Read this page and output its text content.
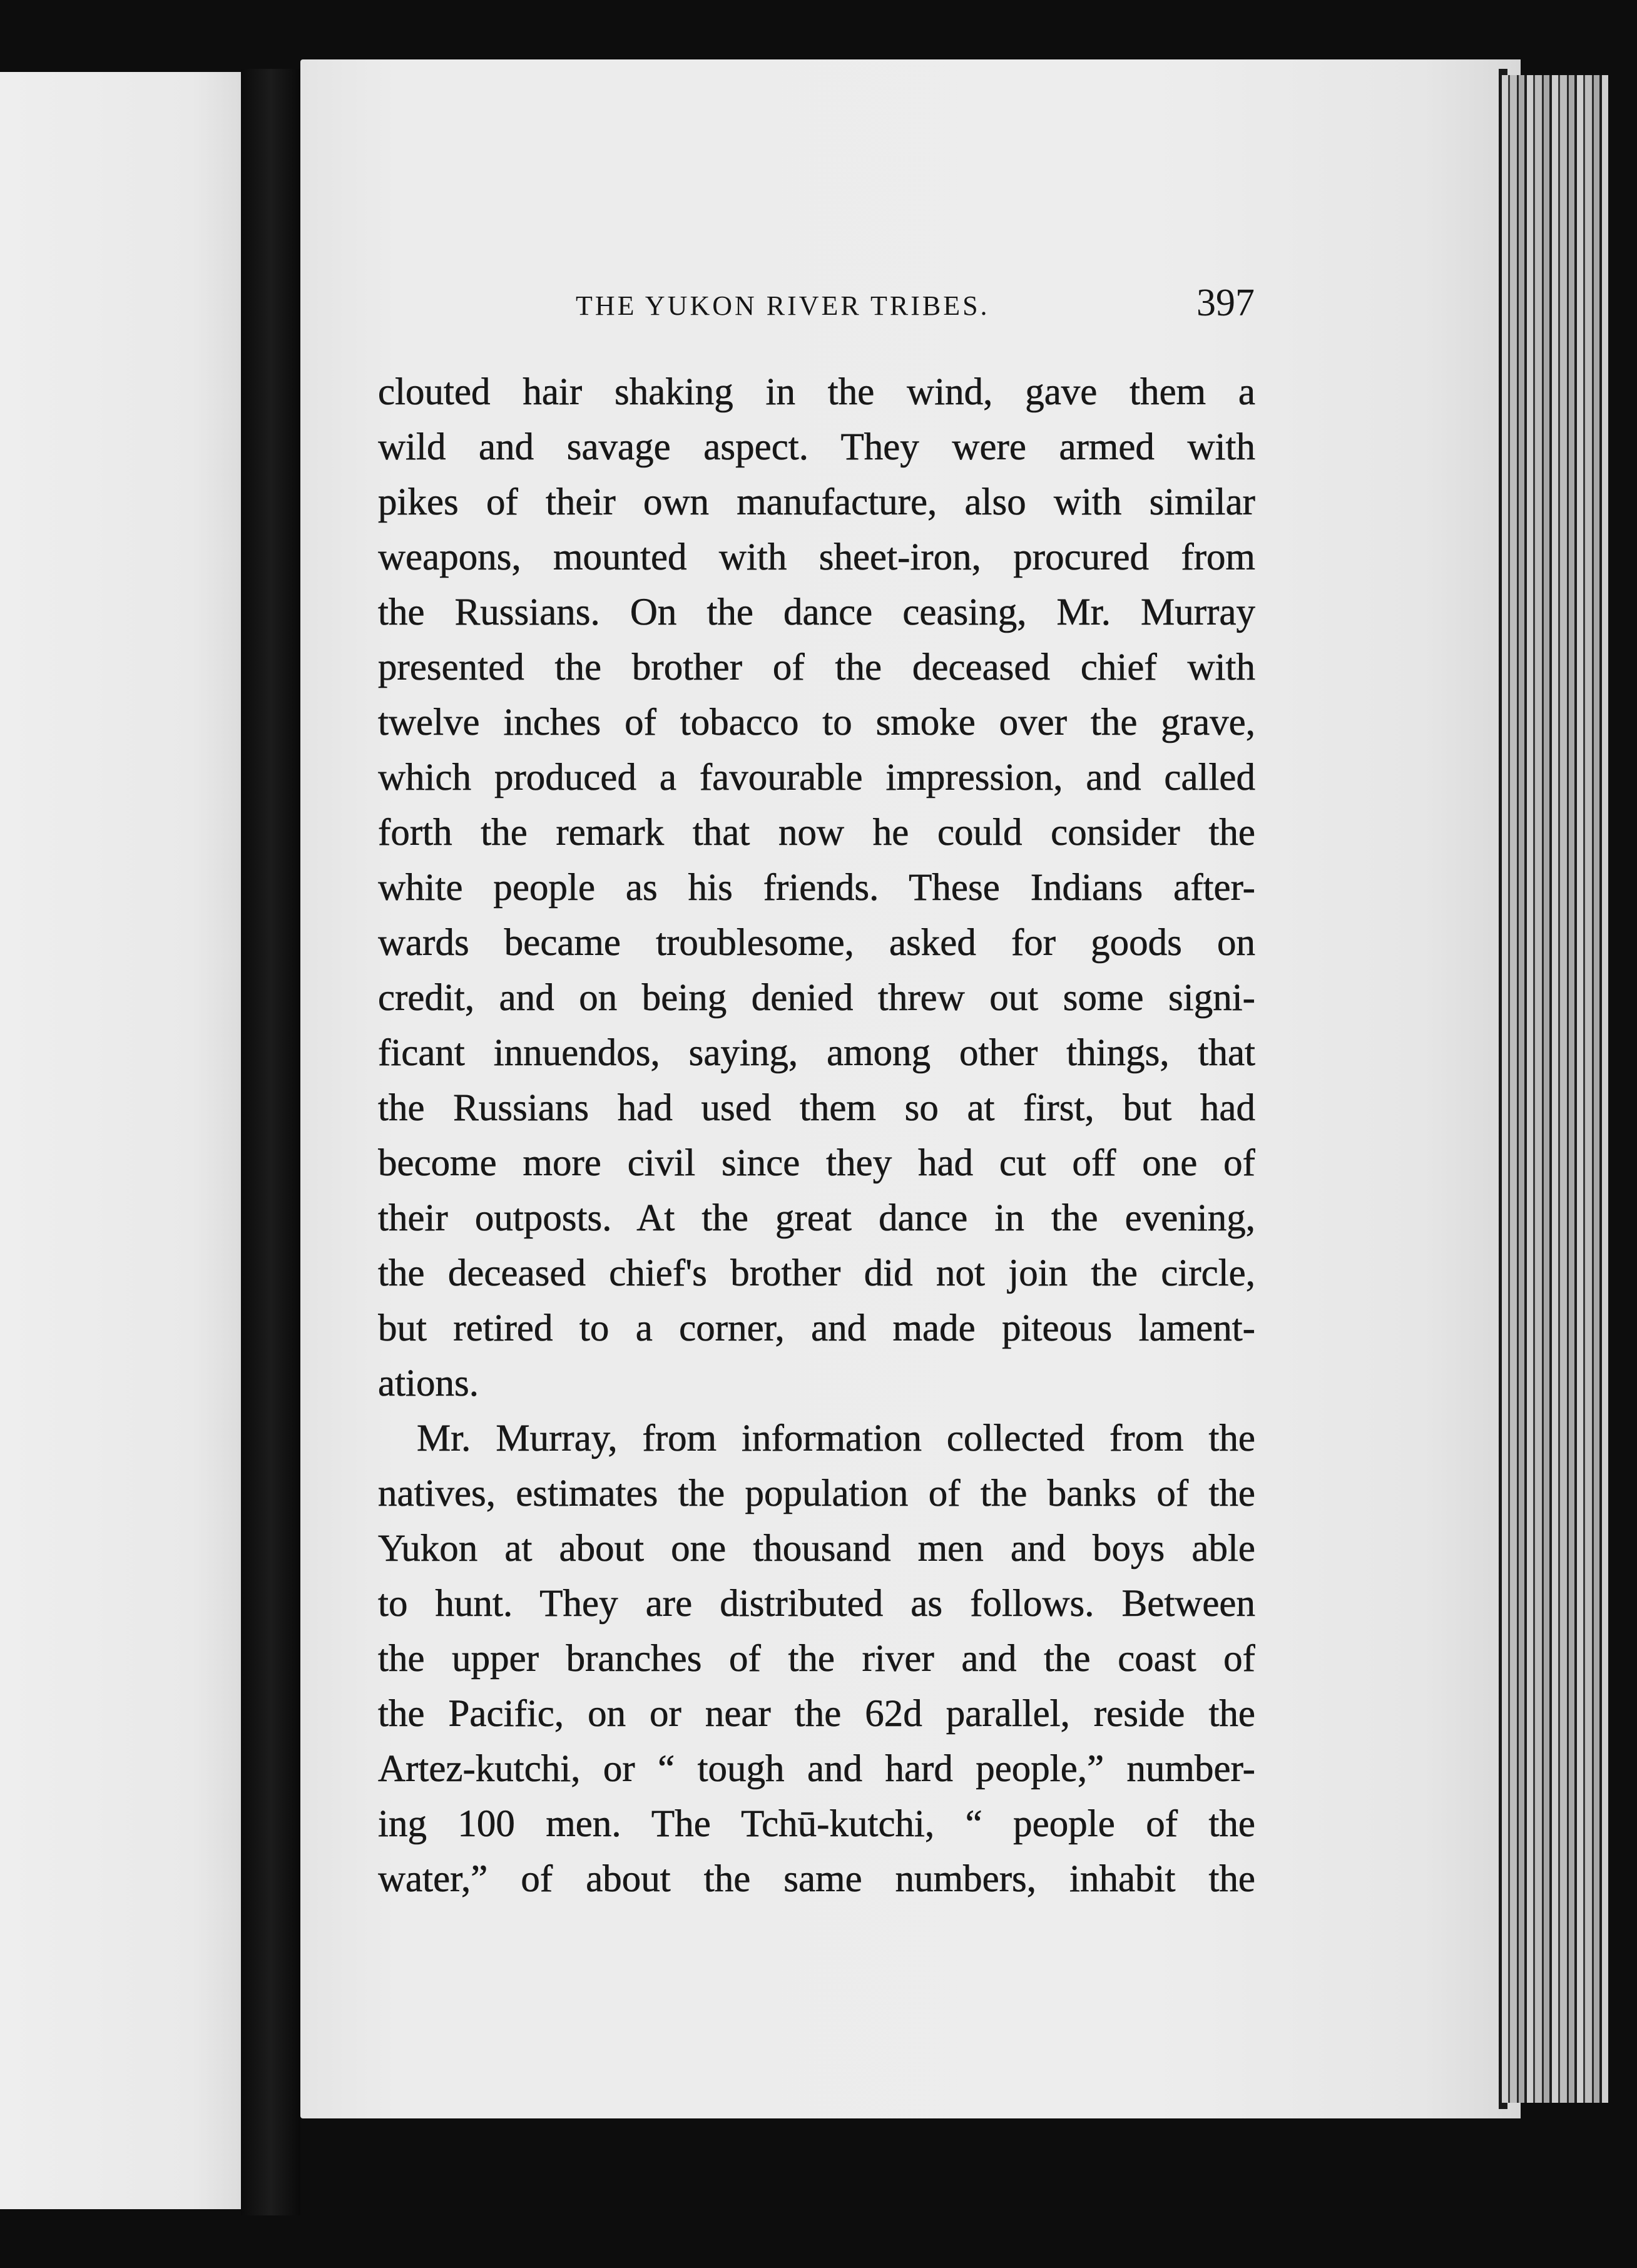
THE YUKON RIVER TRIBES.	397
clouted hair shaking in the wind, gave them a
wild and savage aspect. They were armed with
pikes of their own manufacture, also with similar
weapons, mounted with sheet-iron, procured from
the Russians. On the dance ceasing, Mr. Murray
presented the brother of the deceased chief with
twelve inches of tobacco to smoke over the grave,
which produced a favourable impression, and called
forth the remark that now he could consider the
white people as his friends. These Indians after-
wards became troublesome, asked for goods on
credit, and on being denied threw out some signi-
ficant innuendos, saying, among other things, that
the Russians had used them so at first, but had
become more civil since they had cut off one of
their outposts. At the great dance in the evening,
the deceased chief's brother did not join the circle,
but retired to a corner, and made piteous lament-
ations.
Mr. Murray, from information collected from the
natives, estimates the population of the banks of the
Yukon at about one thousand men and boys able
to hunt. They are distributed as follows. Between
the upper branches of the river and the coast of
the Pacific, on or near the 62d parallel, reside the
Artez-kutchi, or “ tough and hard people,” number-
ing 100 men. The Tchū-kutchi, “ people of the
water,” of about the same numbers, inhabit the
